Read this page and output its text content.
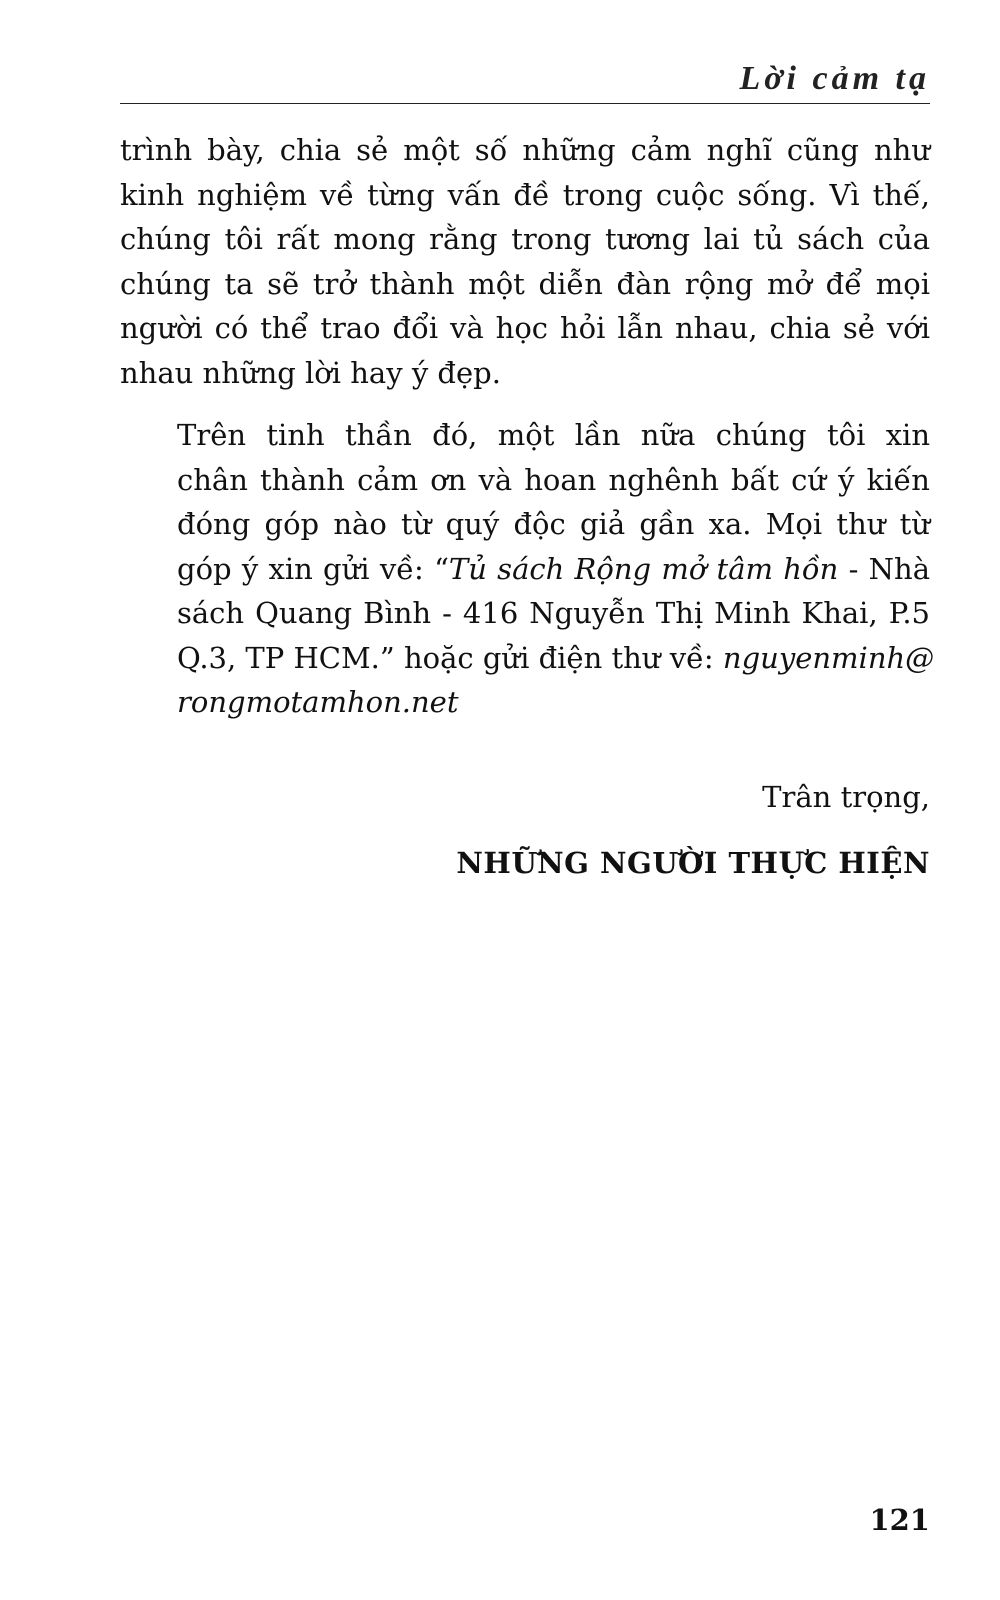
Lời cảm tạ
trình bày, chia sẻ một số những cảm nghĩ cũng như
kinh nghiệm về từng vấn đề trong cuộc sống. Vì thế,
chúng tôi rất mong rằng trong tương lai tủ sách của
chúng ta sẽ trở thành một diễn đàn rộng mở để mọi
người có thể trao đổi và học hỏi lẫn nhau, chia sẻ với
nhau những lời hay ý đẹp.
Trên tinh thần đó, một lần nữa chúng tôi xin
chân thành cảm ơn và hoan nghênh bất cứ ý kiến
đóng góp nào từ quý độc giả gần xa. Mọi thư từ
góp ý xin gửi về: “Tủ sách Rộng mở tâm hồn - Nhà
sách Quang Bình - 416 Nguyễn Thị Minh Khai, P.5
Q.3, TP HCM.” hoặc gửi điện thư về: nguyenminh@
rongmotamhon.net
Trân trọng,
NHỮNG NGƯỜI THỰC HIỆN
121
